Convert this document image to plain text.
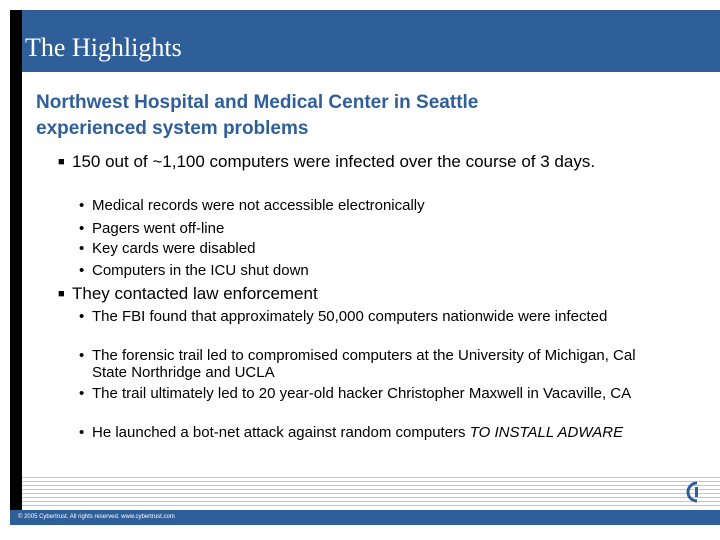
The Highlights
Northwest Hospital and Medical Center in Seattle
experienced system problems
■ 150 out of ~1,100 computers were infected over the course of 3 days.
• Medical records were not accessible electronically
• Pagers went off-line
• Key cards were disabled
• Computers in the ICU shut down
■ They contacted law enforcement
• The FBI found that approximately 50,000 computers nationwide were infected
• The forensic trail led to compromised computers at the University of Michigan, Cal State Northridge and UCLA
• The trail ultimately led to 20 year-old hacker Christopher Maxwell in Vacaville, CA
• He launched a bot-net attack against random computers TO INSTALL ADWARE
© 2005 Cybertrust. All rights reserved. www.cybertrust.com
